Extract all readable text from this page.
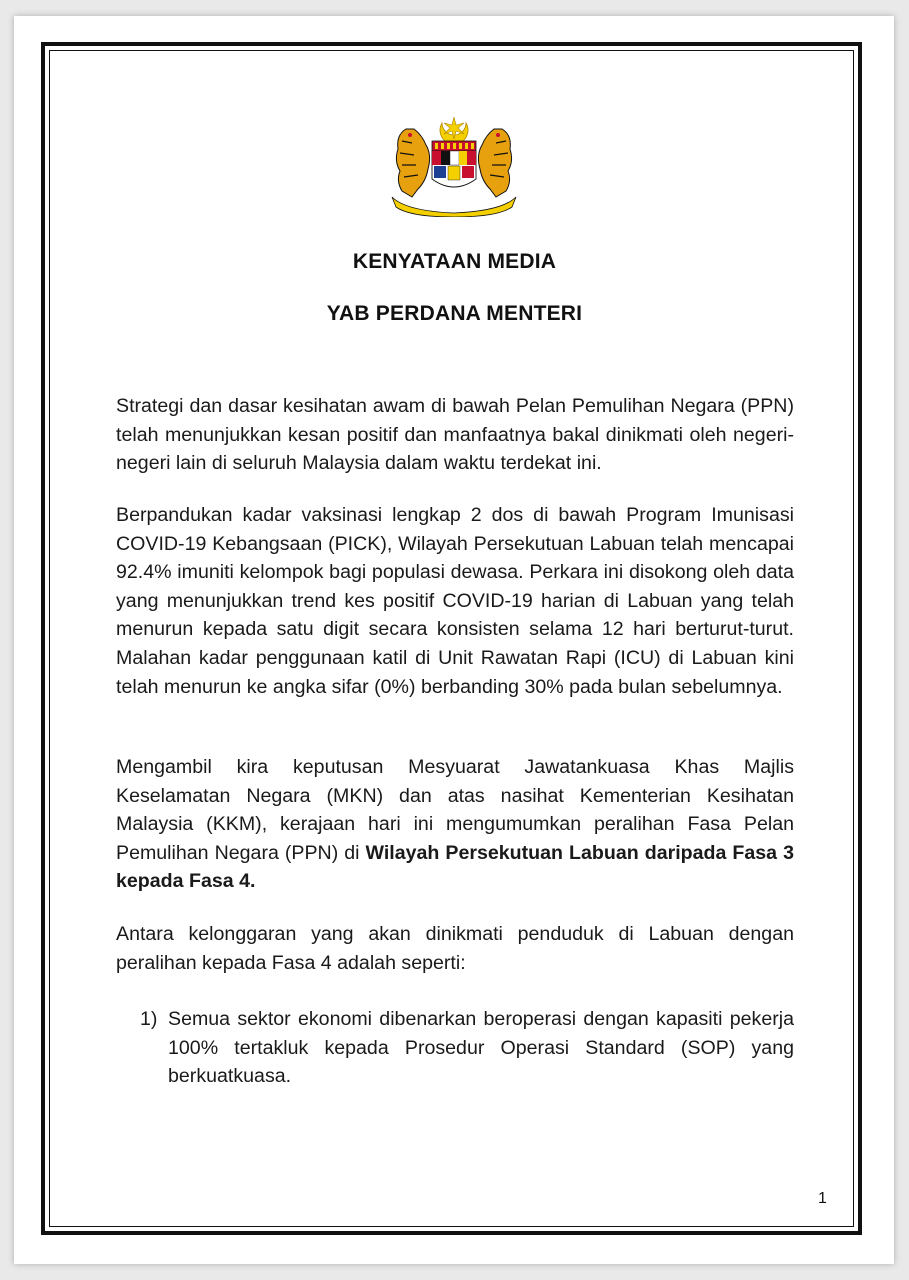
KENYATAAN MEDIA
YAB PERDANA MENTERI

Strategi dan dasar kesihatan awam di bawah Pelan Pemulihan Negara (PPN) telah menunjukkan kesan positif dan manfaatnya bakal dinikmati oleh negeri-negeri lain di seluruh Malaysia dalam waktu terdekat ini.

Berpandukan kadar vaksinasi lengkap 2 dos di bawah Program Imunisasi COVID-19 Kebangsaan (PICK), Wilayah Persekutuan Labuan telah mencapai 92.4% imuniti kelompok bagi populasi dewasa. Perkara ini disokong oleh data yang menunjukkan trend kes positif COVID-19 harian di Labuan yang telah menurun kepada satu digit secara konsisten selama 12 hari berturut-turut. Malahan kadar penggunaan katil di Unit Rawatan Rapi (ICU) di Labuan kini telah menurun ke angka sifar (0%) berbanding 30% pada bulan sebelumnya.

Mengambil kira keputusan Mesyuarat Jawatankuasa Khas Majlis Keselamatan Negara (MKN) dan atas nasihat Kementerian Kesihatan Malaysia (KKM), kerajaan hari ini mengumumkan peralihan Fasa Pelan Pemulihan Negara (PPN) di Wilayah Persekutuan Labuan daripada Fasa 3 kepada Fasa 4.

Antara kelonggaran yang akan dinikmati penduduk di Labuan dengan peralihan kepada Fasa 4 adalah seperti:

1) Semua sektor ekonomi dibenarkan beroperasi dengan kapasiti pekerja 100% tertakluk kepada Prosedur Operasi Standard (SOP) yang berkuatkuasa.
1
